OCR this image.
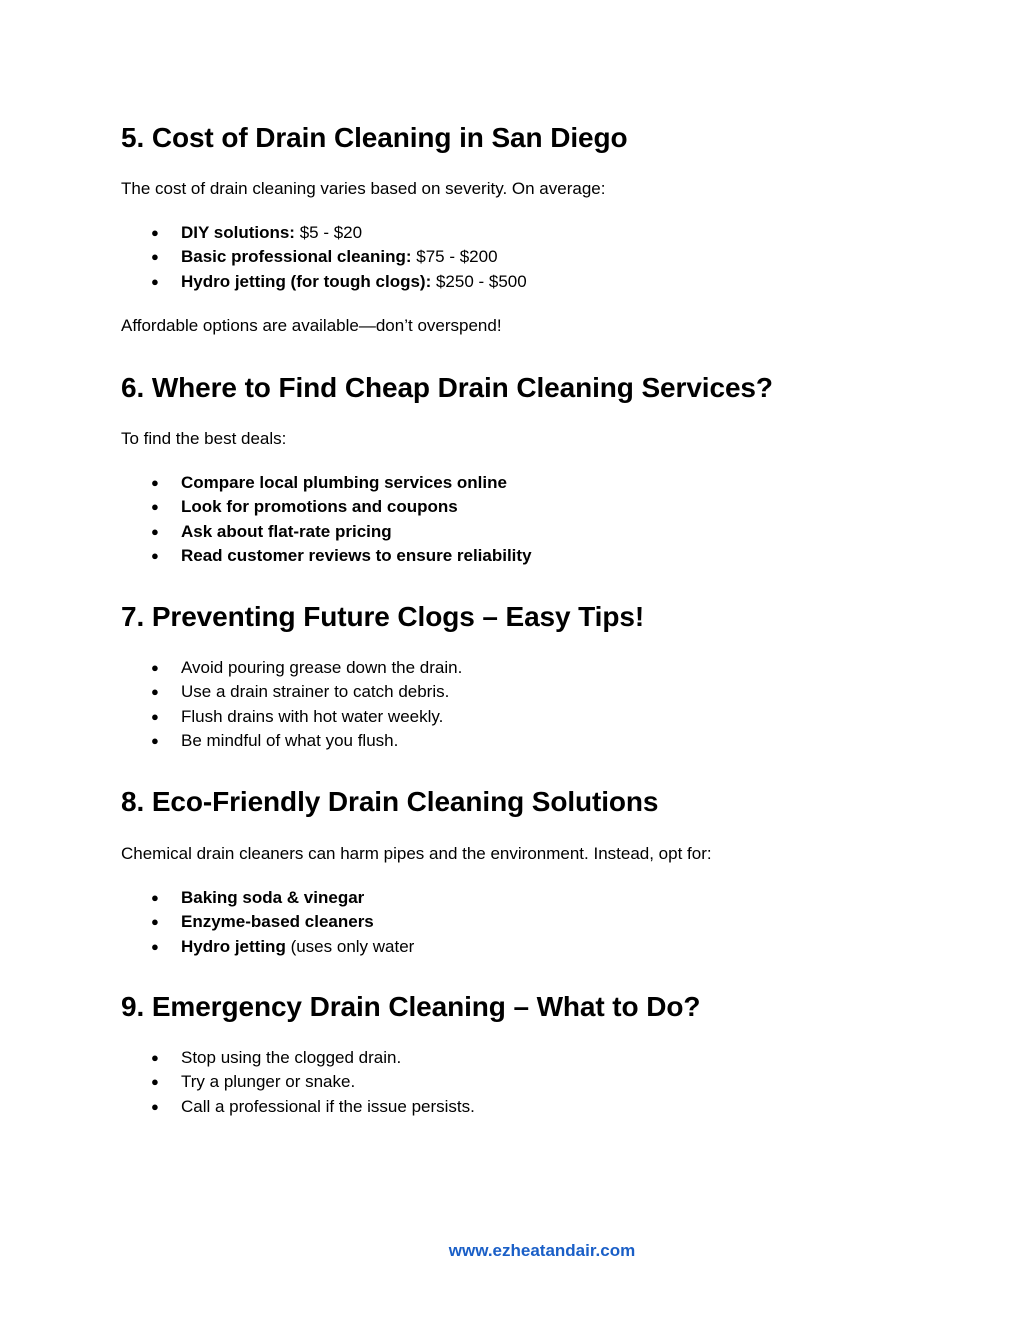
5. Cost of Drain Cleaning in San Diego

The cost of drain cleaning varies based on severity. On average:

● DIY solutions: $5 - $20
● Basic professional cleaning: $75 - $200
● Hydro jetting (for tough clogs): $250 - $500

Affordable options are available—don’t overspend!

6. Where to Find Cheap Drain Cleaning Services?

To find the best deals:

● Compare local plumbing services online
● Look for promotions and coupons
● Ask about flat-rate pricing
● Read customer reviews to ensure reliability
7. Preventing Future Clogs – Easy Tips!
● Avoid pouring grease down the drain.
● Use a drain strainer to catch debris.
● Flush drains with hot water weekly.
● Be mindful of what you flush.
8. Eco-Friendly Drain Cleaning Solutions

Chemical drain cleaners can harm pipes and the environment. Instead, opt for:

● Baking soda & vinegar
● Enzyme-based cleaners
● Hydro jetting (uses only water
9. Emergency Drain Cleaning – What to Do?
● Stop using the clogged drain.
● Try a plunger or snake.
● Call a professional if the issue persists.
www.ezheatandair.com
